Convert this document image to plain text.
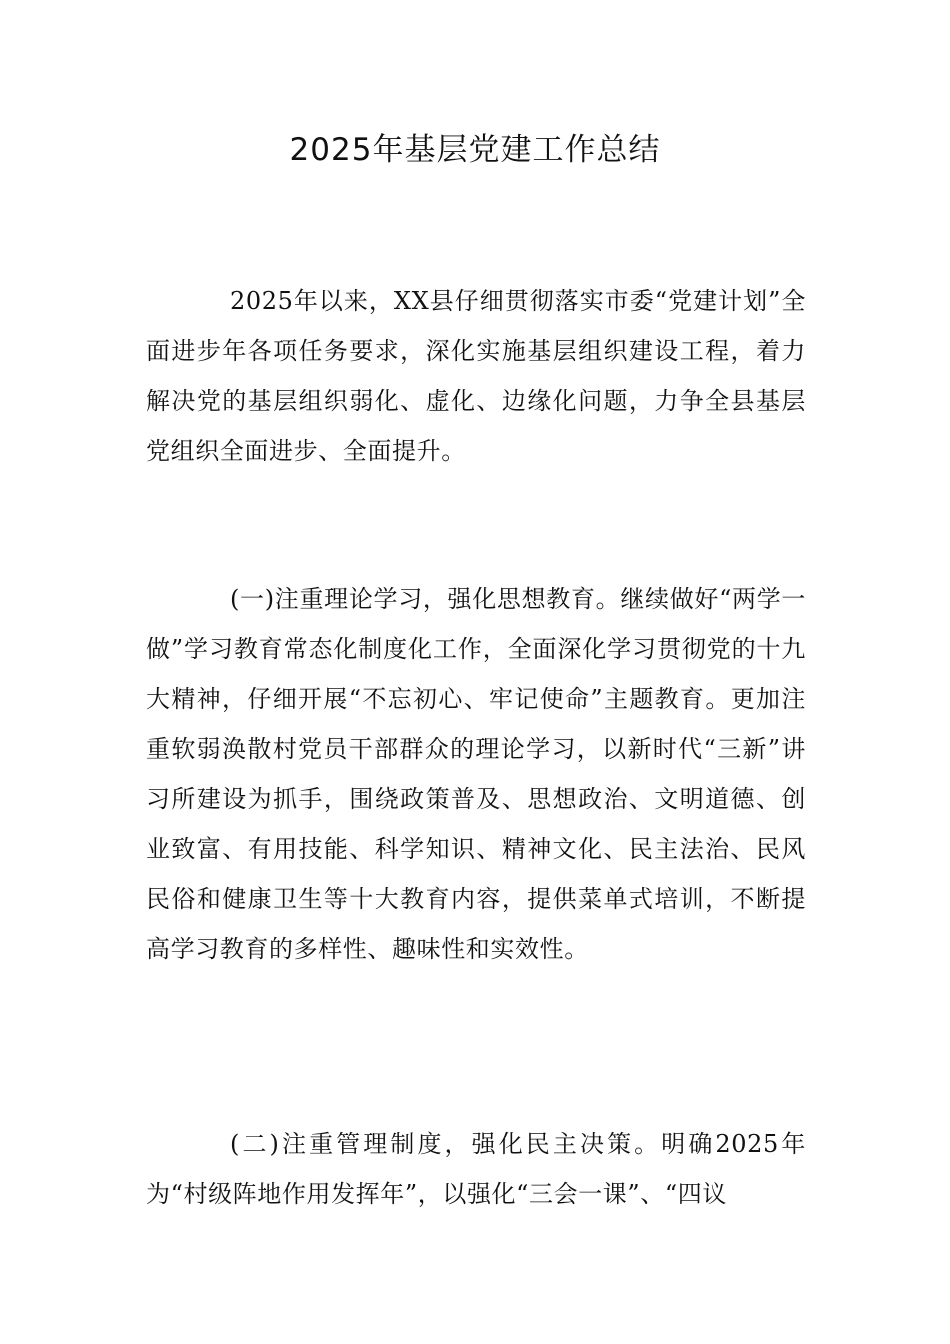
2025年基层党建工作总结

2025年以来，XX县仔细贯彻落实市委“党建计划”全面进步年各项任务要求，深化实施基层组织建设工程，着力解决党的基层组织弱化、虚化、边缘化问题，力争全县基层党组织全面进步、全面提升。

(一)注重理论学习，强化思想教育。继续做好“两学一做”学习教育常态化制度化工作，全面深化学习贯彻党的十九大精神，仔细开展“不忘初心、牢记使命”主题教育。更加注重软弱涣散村党员干部群众的理论学习，以新时代“三新”讲习所建设为抓手，围绕政策普及、思想政治、文明道德、创业致富、有用技能、科学知识、精神文化、民主法治、民风民俗和健康卫生等十大教育内容，提供菜单式培训，不断提高学习教育的多样性、趣味性和实效性。

(二)注重管理制度，强化民主决策。明确2025年为“村级阵地作用发挥年”，以强化“三会一课”、“四议
